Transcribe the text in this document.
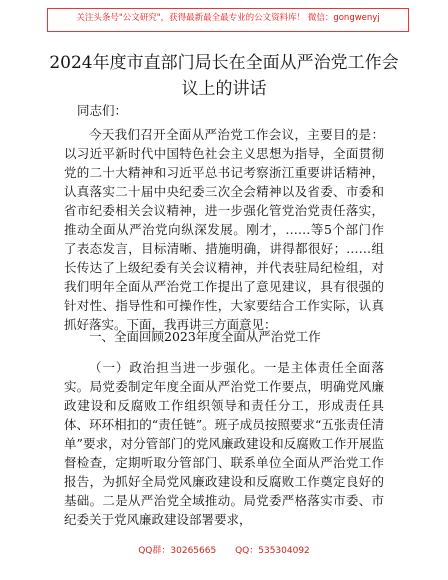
关注头条号"公文研究"，获得最新最全最专业的公文资料库！ 微信：gongwenyj
2024年度市直部门局长在全面从严治党工作会
议上的讲话
同志们：
今天我们召开全面从严治党工作会议，主要目的是：以习近平新时代中国特色社会主义思想为指导，全面贯彻党的二十大精神和习近平总书记考察浙江重要讲话精神，认真落实二十届中央纪委三次全会精神以及省委、市委和省市纪委相关会议精神，进一步强化管党治党责任落实，推动全面从严治党向纵深发展。刚才，……等5个部门作了表态发言，目标清晰、措施明确，讲得都很好；……组长传达了上级纪委有关会议精神，并代表驻局纪检组，对我们明年全面从严治党工作提出了意见建议，具有很强的针对性、指导性和可操作性，大家要结合工作实际，认真抓好落实。下面，我再讲三方面意见：
一、全面回顾2023年度全面从严治党工作
（一）政治担当进一步强化。一是主体责任全面落实。局党委制定年度全面从严治党工作要点，明确党风廉政建设和反腐败工作组织领导和责任分工，形成责任具体、环环相扣的“责任链”。班子成员按照要求“五张责任清单”要求，对分管部门的党风廉政建设和反腐败工作开展监督检查，定期听取分管部门、联系单位全面从严治党工作报告，为抓好全局党风廉政建设和反腐败工作奠定良好的基础。二是从严治党全域推动。局党委严格落实市委、市纪委关于党风廉政建设部署要求，
QQ群：30265665 QQ：535304092
